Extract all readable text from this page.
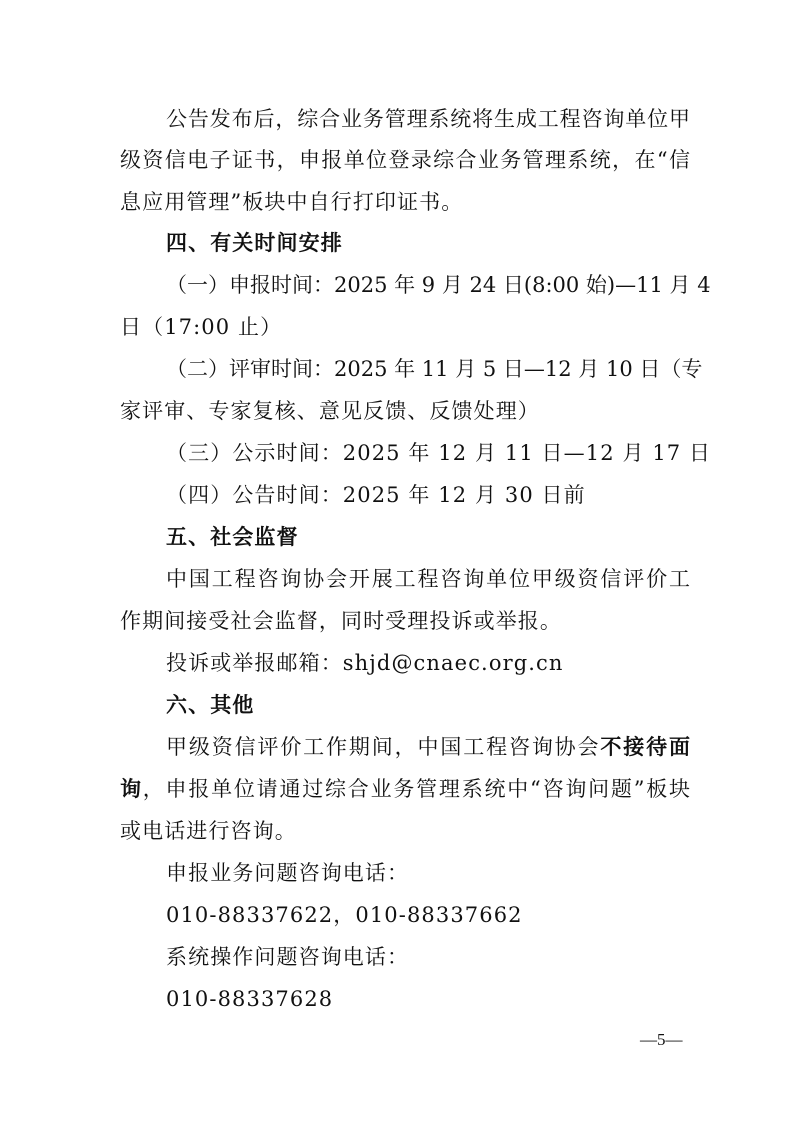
公告发布后，综合业务管理系统将生成工程咨询单位甲
级资信电子证书，申报单位登录综合业务管理系统，在“信
息应用管理”板块中自行打印证书。
四、有关时间安排
（一）申报时间：2025 年 9 月 24 日(8:00 始)—11 月 4
日（17:00 止）
（二）评审时间：2025 年 11 月 5 日—12 月 10 日（专
家评审、专家复核、意见反馈、反馈处理）
（三）公示时间：2025 年 12 月 11 日—12 月 17 日
（四）公告时间：2025 年 12 月 30 日前
五、社会监督
中国工程咨询协会开展工程咨询单位甲级资信评价工
作期间接受社会监督，同时受理投诉或举报。
投诉或举报邮箱：shjd@cnaec.org.cn
六、其他
甲级资信评价工作期间，中国工程咨询协会不接待面
询，申报单位请通过综合业务管理系统中“咨询问题”板块
或电话进行咨询。
申报业务问题咨询电话：
010-88337622，010-88337662
系统操作问题咨询电话：
010-88337628
—5—
